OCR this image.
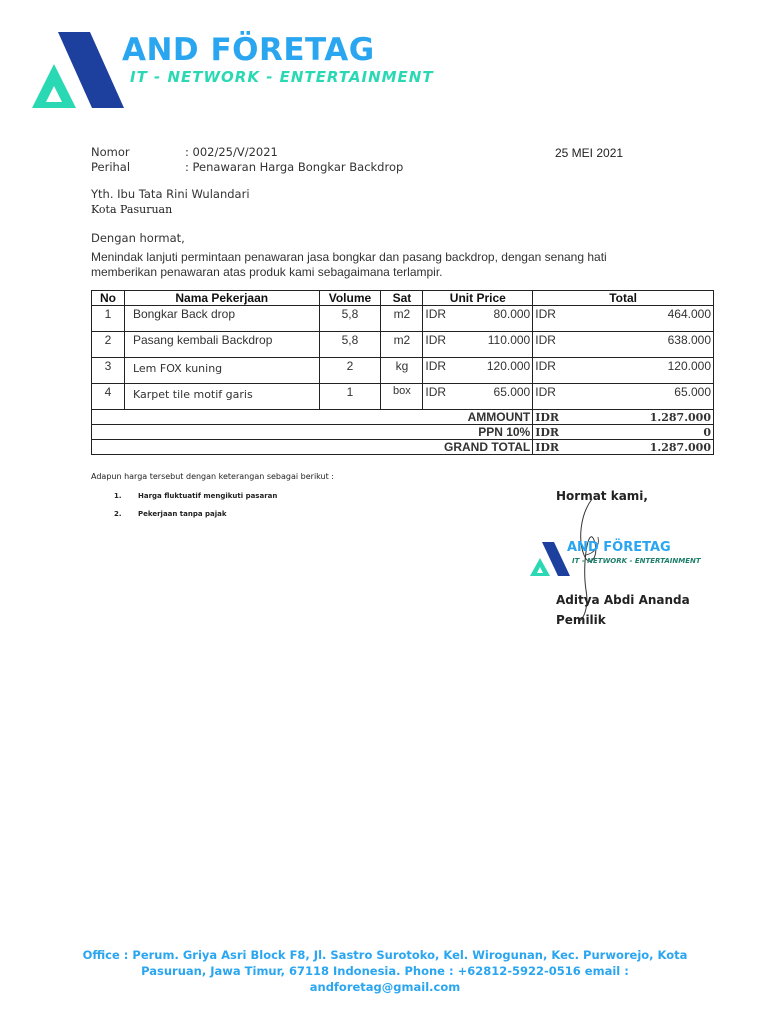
AND FÖRETAG
IT - NETWORK - ENTERTAINMENT
Nomor	: 002/25/V/2021
Perihal	: Penawaran Harga Bongkar Backdrop
25 MEI 2021
Yth. Ibu Tata Rini Wulandari
Kota Pasuruan
Dengan hormat,
Menindak lanjuti permintaan penawaran jasa bongkar dan pasang backdrop, dengan senang hati
memberikan penawaran atas produk kami sebagaimana terlampir.
No	Nama Pekerjaan	Volume	Sat	Unit Price		Total	
1	Bongkar Back drop	5,8	m2	IDR	80.000	IDR	464.000
2	Pasang kembali Backdrop	5,8	m2	IDR	110.000	IDR	638.000
3	Lem FOX kuning	2	kg	IDR	120.000	IDR	120.000
4	Karpet tile motif garis	1	box	IDR	65.000	IDR	65.000
AMMOUNT						IDR	1.287.000
PPN 10%						IDR	0
GRAND TOTAL						IDR	1.287.000
Adapun harga tersebut dengan keterangan sebagai berikut :
1. Harga fluktuatif mengikuti pasaran
2. Pekerjaan tanpa pajak
Hormat kami,
AND FÖRETAG
IT - NETWORK - ENTERTAINMENT
Aditya Abdi Ananda
Pemilik
Office : Perum. Griya Asri Block F8, Jl. Sastro Surotoko, Kel. Wirogunan, Kec. Purworejo, Kota
Pasuruan, Jawa Timur, 67118 Indonesia. Phone : +62812-5922-0516 email : andforetag@gmail.com
